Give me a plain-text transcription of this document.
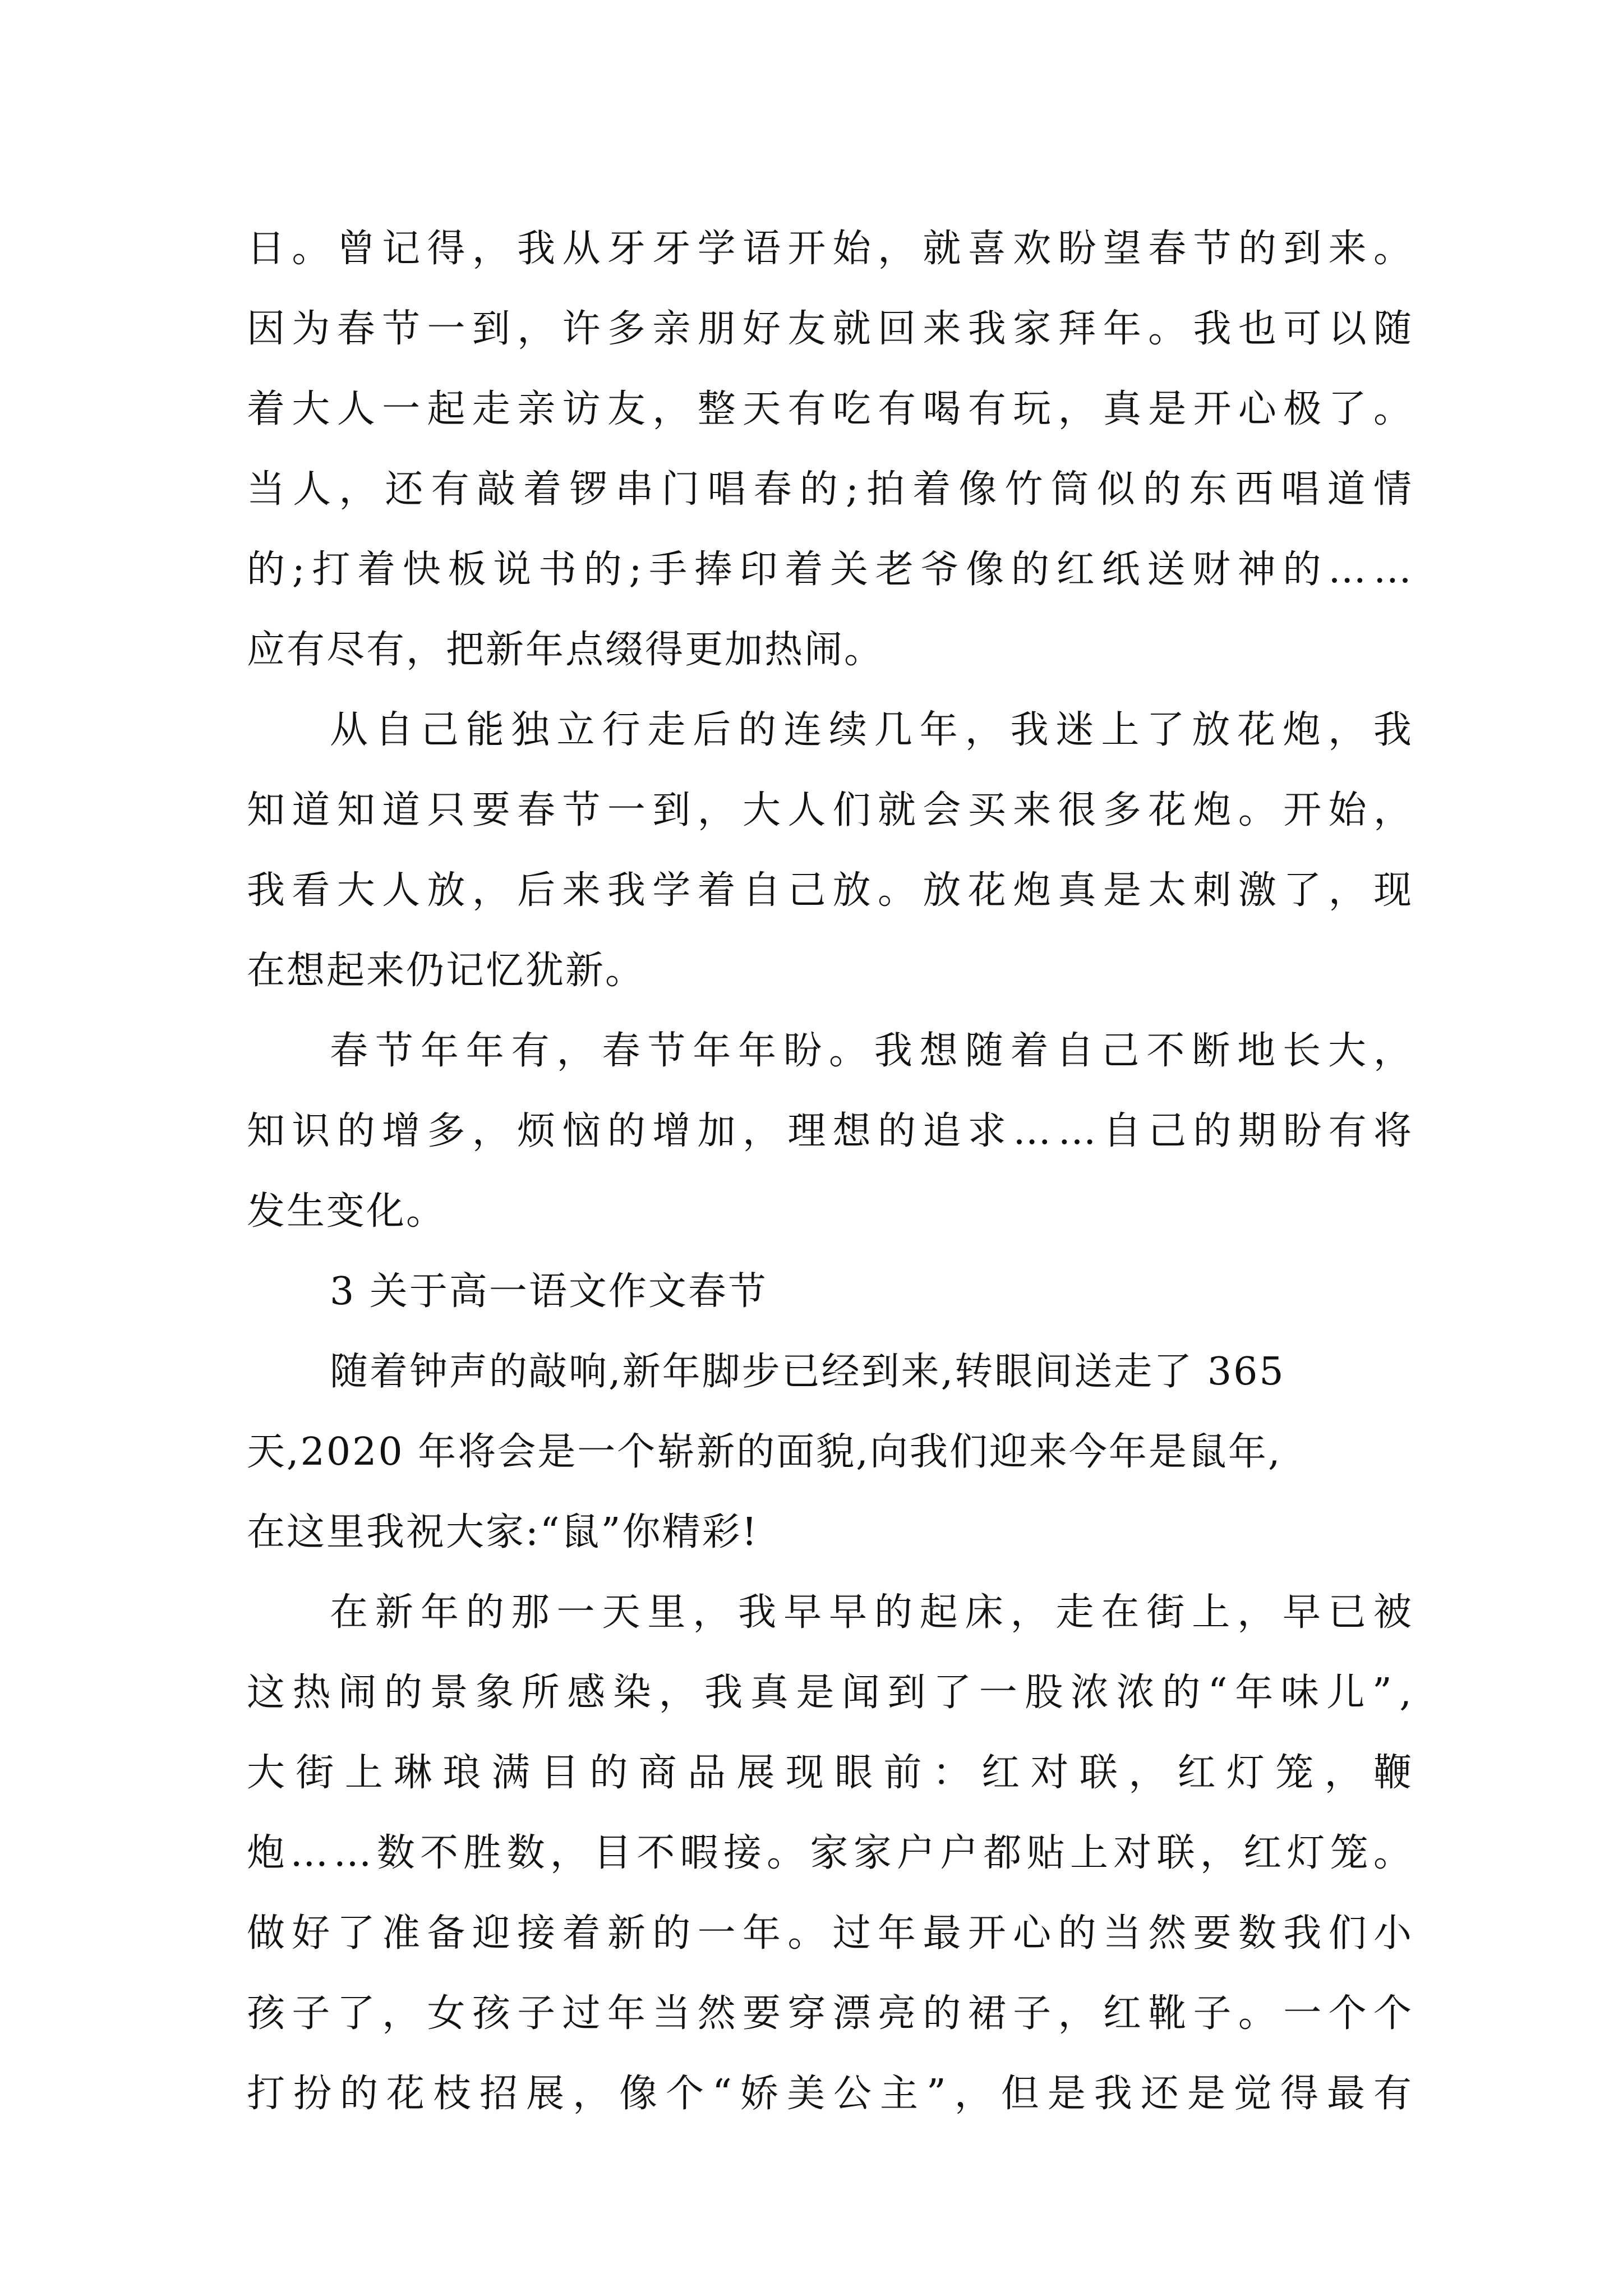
日 。 曾 记 得 ， 我 从 牙 牙 学 语 开 始 ， 就 喜 欢 盼 望 春 节 的 到 来 。
因 为 春 节 一 到 ， 许 多 亲 朋 好 友 就 回 来 我 家 拜 年 。 我 也 可 以 随
着 大 人 一 起 走 亲 访 友 ， 整 天 有 吃 有 喝 有 玩 ， 真 是 开 心 极 了 。
当 人 ， 还 有 敲 着 锣 串 门 唱 春 的 ; 拍 着 像 竹 筒 似 的 东 西 唱 道 情
的 ; 打 着 快 板 说 书 的 ; 手 捧 印 着 关 老 爷 像 的 红 纸 送 财 神 的 … …
应有尽有，把新年点缀得更加热闹。
从 自 己 能 独 立 行 走 后 的 连 续 几 年 ， 我 迷 上 了 放 花 炮 ， 我
知 道 知 道 只 要 春 节 一 到 ， 大 人 们 就 会 买 来 很 多 花 炮 。 开 始 ，
我 看 大 人 放 ， 后 来 我 学 着 自 己 放 。 放 花 炮 真 是 太 刺 激 了 ， 现
在想起来仍记忆犹新。
春 节 年 年 有 ， 春 节 年 年 盼 。 我 想 随 着 自 己 不 断 地 长 大 ，
知 识 的 增 多 ， 烦 恼 的 增 加 ， 理 想 的 追 求 … … 自 己 的 期 盼 有 将
发生变化。
3 关于高一语文作文春节
随着钟声的敲响,新年脚步已经到来,转眼间送走了 365
天,2020 年将会是一个崭新的面貌,向我们迎来今年是鼠年,
在这里我祝大家:“鼠”你精彩!
在 新 年 的 那 一 天 里 ， 我 早 早 的 起 床 ， 走 在 街 上 ， 早 已 被
这 热 闹 的 景 象 所 感 染 ， 我 真 是 闻 到 了 一 股 浓 浓 的 “ 年 味 儿 ” ,
大 街 上 琳 琅 满 目 的 商 品 展 现 眼 前 ： 红 对 联 ， 红 灯 笼 ， 鞭
炮 … … 数 不 胜 数 ， 目 不 暇 接 。 家 家 户 户 都 贴 上 对 联 ， 红 灯 笼 。
做 好 了 准 备 迎 接 着 新 的 一 年 。 过 年 最 开 心 的 当 然 要 数 我 们 小
孩 子 了 ， 女 孩 子 过 年 当 然 要 穿 漂 亮 的 裙 子 ， 红 靴 子 。 一 个 个
打 扮 的 花 枝 招 展 ， 像 个 “ 娇 美 公 主 ” ， 但 是 我 还 是 觉 得 最 有
